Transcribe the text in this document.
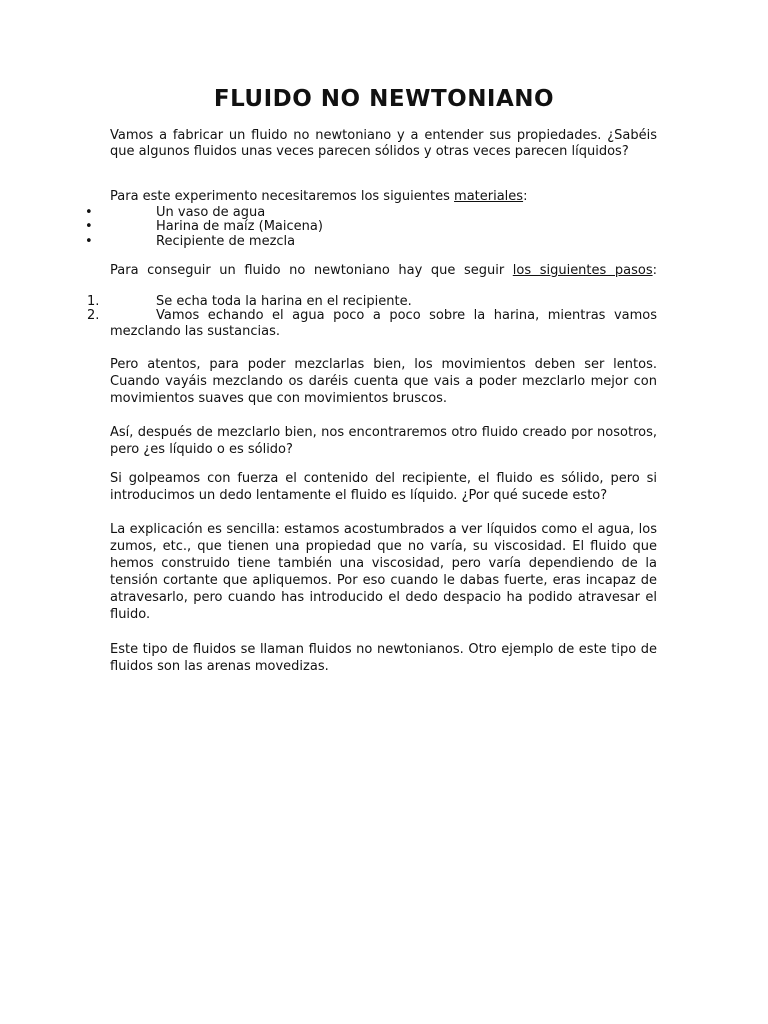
FLUIDO NO NEWTONIANO

Vamos a fabricar un fluido no newtoniano y a entender sus propiedades. ¿Sabéis que algunos fluidos unas veces parecen sólidos y otras veces parecen líquidos?

Para este experimento necesitaremos los siguientes materiales:

•	Un vaso de agua
•	Harina de maíz (Maicena)
•	Recipiente de mezcla

Para conseguir un fluido no newtoniano hay que seguir los siguientes pasos:

1.	Se echa toda la harina en el recipiente.
2.	Vamos echando el agua poco a poco sobre la harina, mientras vamos mezclando las sustancias.

Pero atentos, para poder mezclarlas bien, los movimientos deben ser lentos. Cuando vayáis mezclando os daréis cuenta que vais a poder mezclarlo mejor con movimientos suaves que con movimientos bruscos.

Así, después de mezclarlo bien, nos encontraremos otro fluido creado por nosotros, pero ¿es líquido o es sólido?

Si golpeamos con fuerza el contenido del recipiente, el fluido es sólido, pero si introducimos un dedo lentamente el fluido es líquido. ¿Por qué sucede esto?

La explicación es sencilla: estamos acostumbrados a ver líquidos como el agua, los zumos, etc., que tienen una propiedad que no varía, su viscosidad. El fluido que hemos construido tiene también una viscosidad, pero varía dependiendo de la tensión cortante que apliquemos. Por eso cuando le dabas fuerte, eras incapaz de atravesarlo, pero cuando has introducido el dedo despacio ha podido atravesar el fluido.

Este tipo de fluidos se llaman fluidos no newtonianos. Otro ejemplo de este tipo de fluidos son las arenas movedizas.
